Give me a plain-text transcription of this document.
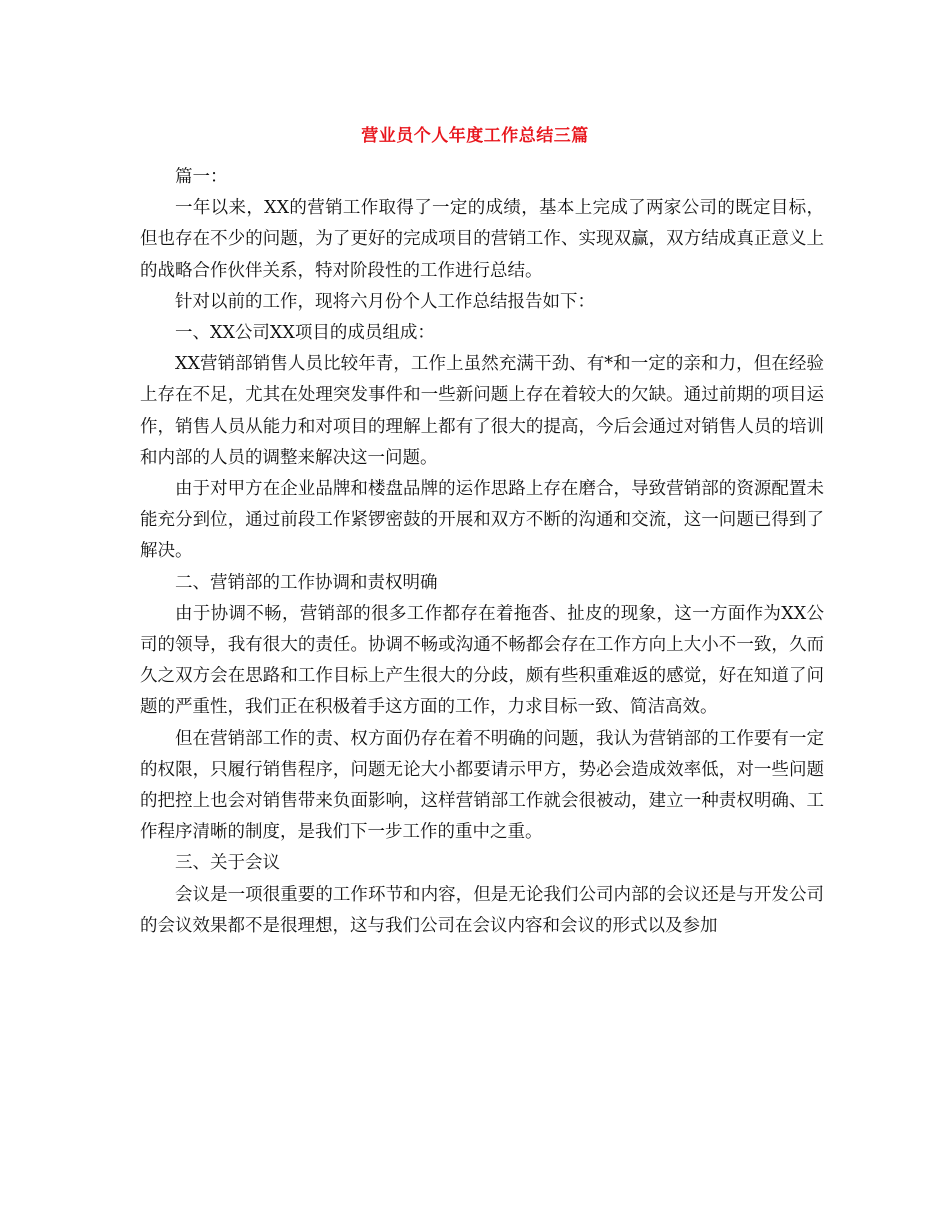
营业员个人年度工作总结三篇

篇一：

一年以来，XX的营销工作取得了一定的成绩，基本上完成了两家公司的既定目标，但也存在不少的问题，为了更好的完成项目的营销工作、实现双赢，双方结成真正意义上的战略合作伙伴关系，特对阶段性的工作进行总结。

针对以前的工作，现将六月份个人工作总结报告如下：

一、XX公司XX项目的成员组成：

XX营销部销售人员比较年青，工作上虽然充满干劲、有*和一定的亲和力，但在经验上存在不足，尤其在处理突发事件和一些新问题上存在着较大的欠缺。通过前期的项目运作，销售人员从能力和对项目的理解上都有了很大的提高，今后会通过对销售人员的培训和内部的人员的调整来解决这一问题。

由于对甲方在企业品牌和楼盘品牌的运作思路上存在磨合，导致营销部的资源配置未能充分到位，通过前段工作紧锣密鼓的开展和双方不断的沟通和交流，这一问题已得到了解决。

二、营销部的工作协调和责权明确

由于协调不畅，营销部的很多工作都存在着拖沓、扯皮的现象，这一方面作为XX公司的领导，我有很大的责任。协调不畅或沟通不畅都会存在工作方向上大小不一致，久而久之双方会在思路和工作目标上产生很大的分歧，颇有些积重难返的感觉，好在知道了问题的严重性，我们正在积极着手这方面的工作，力求目标一致、简洁高效。

但在营销部工作的责、权方面仍存在着不明确的问题，我认为营销部的工作要有一定的权限，只履行销售程序，问题无论大小都要请示甲方，势必会造成效率低，对一些问题的把控上也会对销售带来负面影响，这样营销部工作就会很被动，建立一种责权明确、工作程序清晰的制度，是我们下一步工作的重中之重。

三、关于会议

会议是一项很重要的工作环节和内容，但是无论我们公司内部的会议还是与开发公司的会议效果都不是很理想，这与我们公司在会议内容和会议的形式以及参加
